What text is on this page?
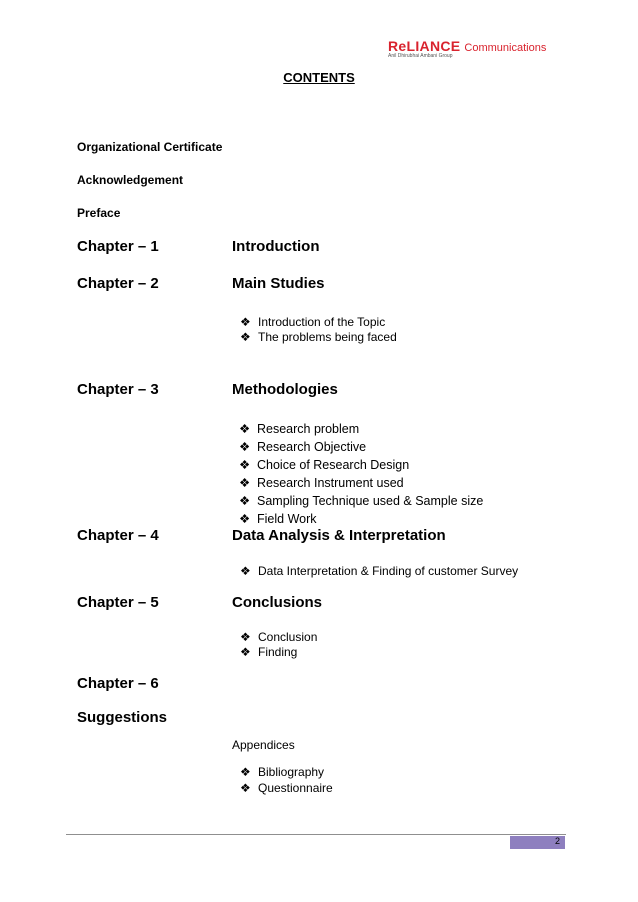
ReLIANCE Communications
Anil Dhirubhai Ambani Group
CONTENTS
Organizational Certificate
Acknowledgement
Preface
Chapter – 1	Introduction
Chapter – 2	Main Studies
❖ Introduction of the Topic
❖ The problems being faced
Chapter – 3	Methodologies
❖ Research problem
❖ Research Objective
❖ Choice of Research Design
❖ Research Instrument used
❖ Sampling Technique used & Sample size
❖ Field Work
Chapter – 4	Data Analysis & Interpretation
❖ Data Interpretation & Finding of customer Survey
Chapter – 5	Conclusions
❖ Conclusion
❖ Finding
Chapter – 6
Suggestions
Appendices
❖ Bibliography
❖ Questionnaire
2
